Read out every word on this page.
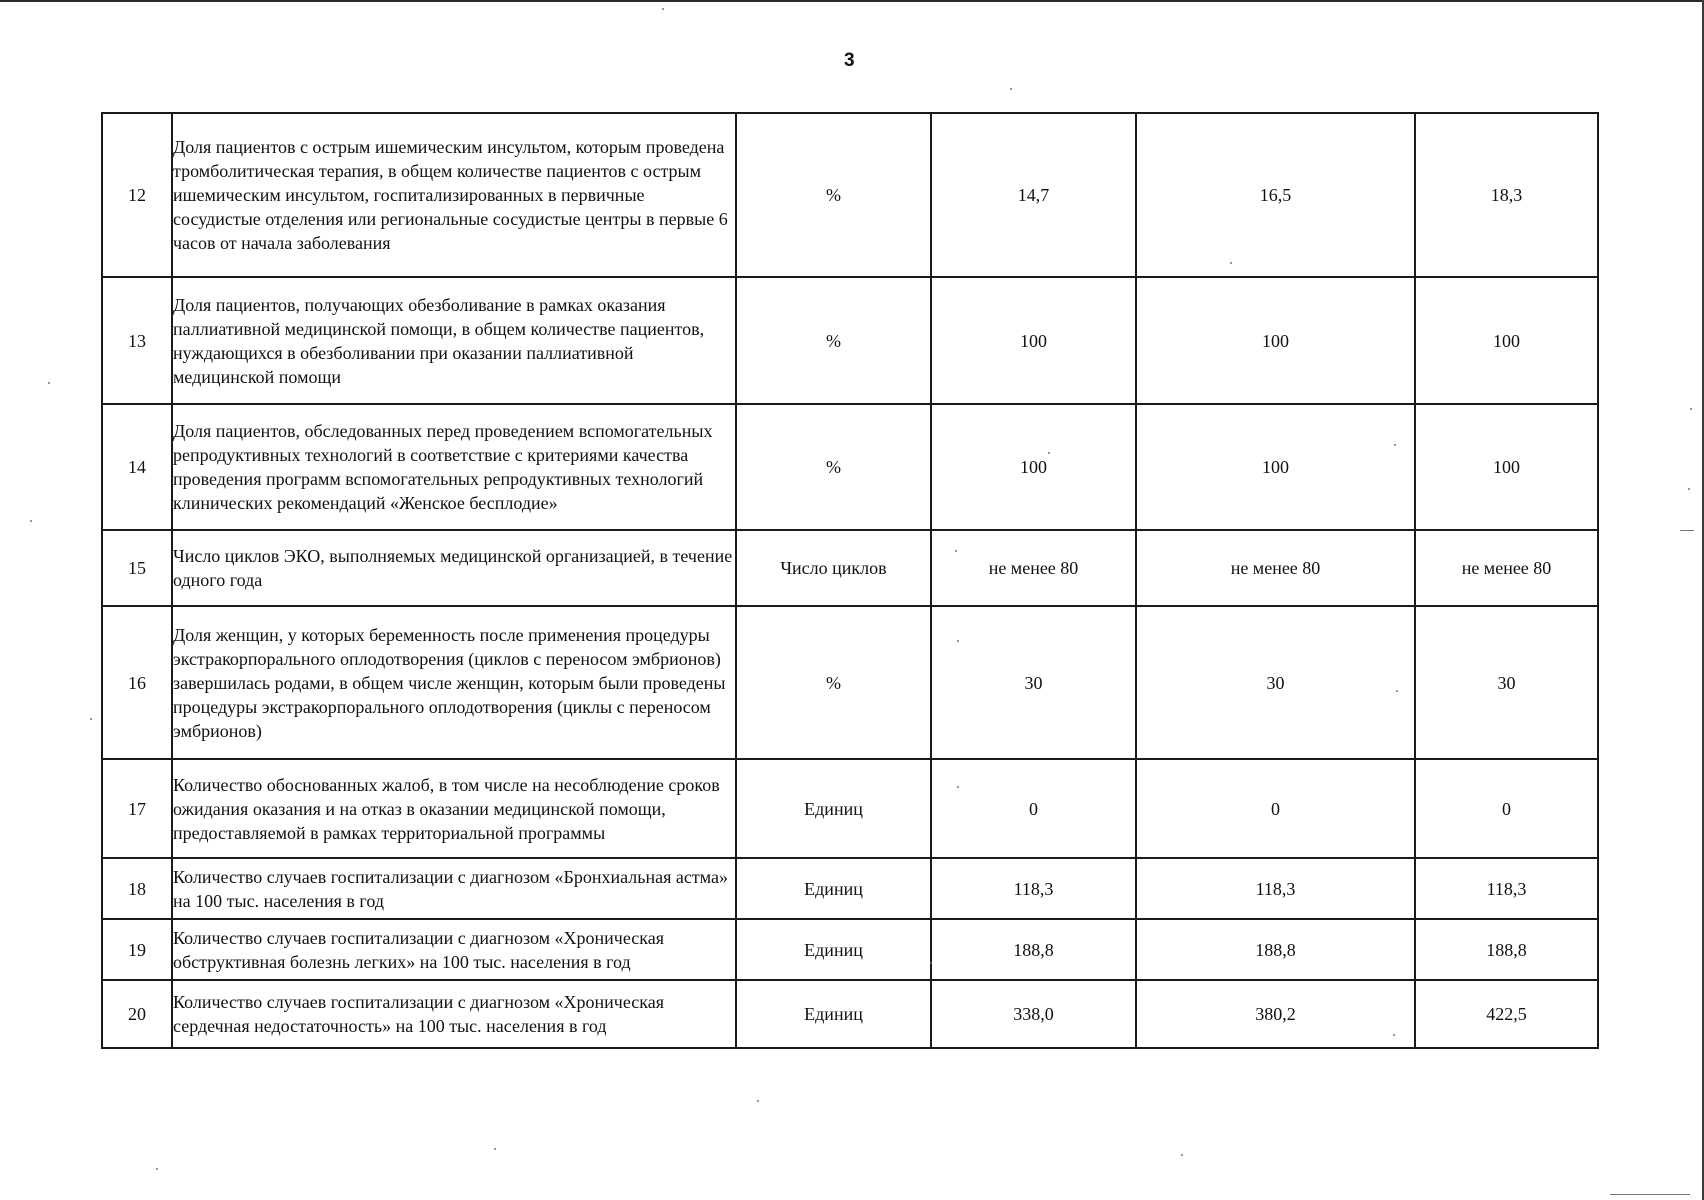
3
12	Доля пациентов с острым ишемическим инсультом, которым проведена тромболитическая терапия, в общем количестве пациентов с острым ишемическим инсультом, госпитализированных в первичные сосудистые отделения или региональные сосудистые центры в первые 6 часов от начала заболевания	%	14,7	16,5	18,3
13	Доля пациентов, получающих обезболивание в рамках оказания паллиативной медицинской помощи, в общем количестве пациентов, нуждающихся в обезболивании при оказании паллиативной медицинской помощи	%	100	100	100
14	Доля пациентов, обследованных перед проведением вспомогательных репродуктивных технологий в соответствие с критериями качества проведения программ вспомогательных репродуктивных технологий клинических рекомендаций «Женское бесплодие»	%	100	100	100
15	Число циклов ЭКО, выполняемых медицинской организацией, в течение одного года	Число циклов	не менее 80	не менее 80	не менее 80
16	Доля женщин, у которых беременность после применения процедуры экстракорпорального оплодотворения (циклов с переносом эмбрионов) завершилась родами, в общем числе женщин, которым были проведены процедуры экстракорпорального оплодотворения (циклы с переносом эмбрионов)	%	30	30	30
17	Количество обоснованных жалоб, в том числе на несоблюдение сроков ожидания оказания и на отказ в оказании медицинской помощи, предоставляемой в рамках территориальной программы	Единиц	0	0	0
18	Количество случаев госпитализации с диагнозом «Бронхиальная астма» на 100 тыс. населения в год	Единиц	118,3	118,3	118,3
19	Количество случаев госпитализации с диагнозом «Хроническая обструктивная болезнь легких» на 100 тыс. населения в год	Единиц	188,8	188,8	188,8
20	Количество случаев госпитализации с диагнозом «Хроническая сердечная недостаточность» на 100 тыс. населения в год	Единиц	338,0	380,2	422,5
